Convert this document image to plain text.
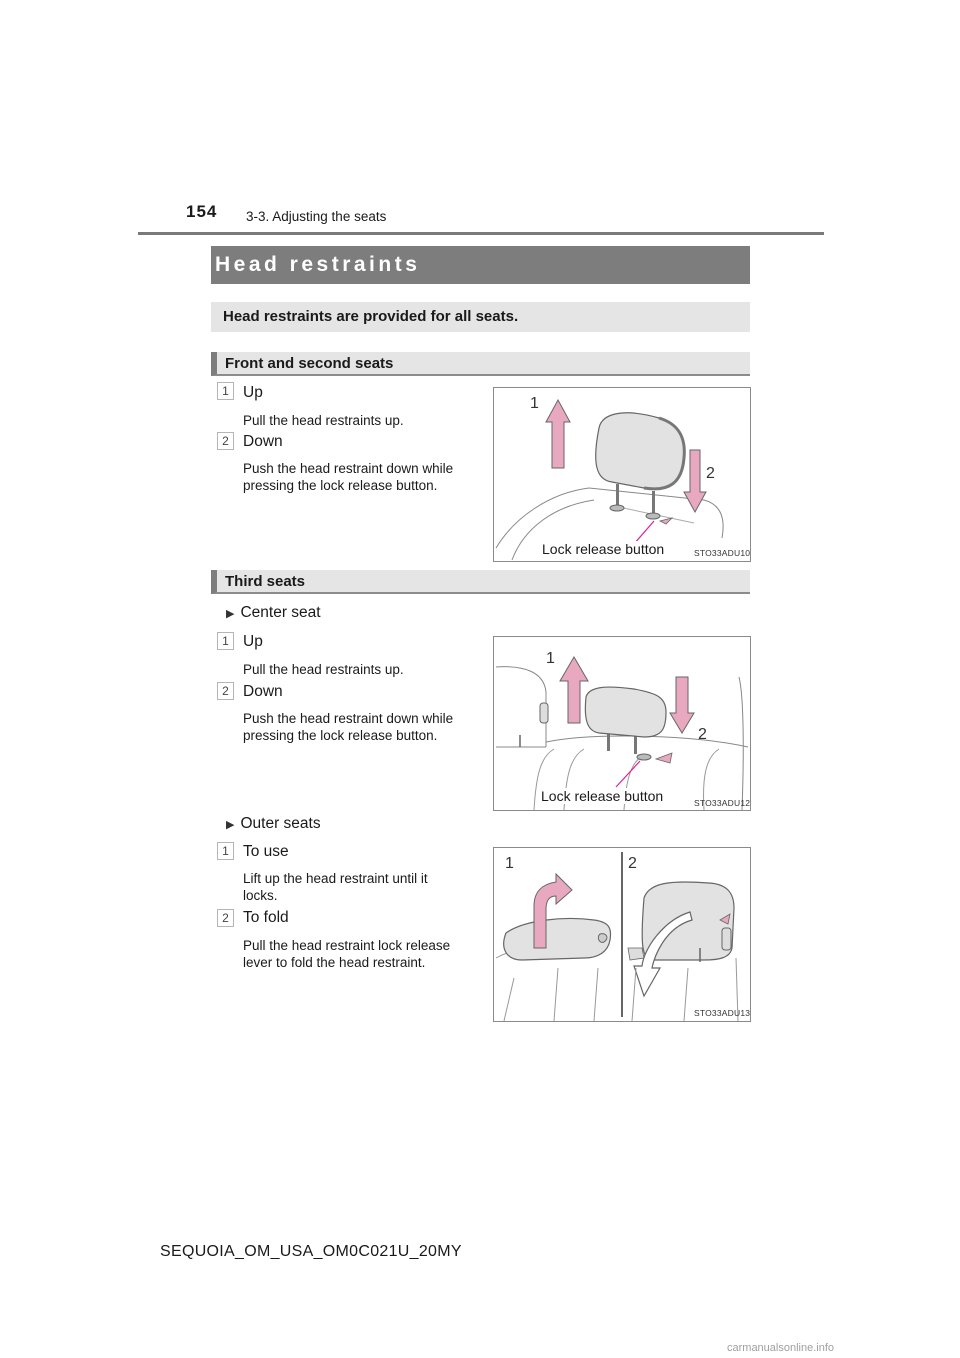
154 3-3. Adjusting the seats
Head restraints
Head restraints are provided for all seats.
Front and second seats
1 Up
Pull the head restraints up.
2 Down
Push the head restraint down while
pressing the lock release button.
Lock release button	STO33ADU10
1
2
Third seats
▶ Center seat
1 Up
Pull the head restraints up.
2 Down
Push the head restraint down while
pressing the lock release button.
Lock release button	STO33ADU12
1
2
▶ Outer seats
1 To use
Lift up the head restraint until it
locks.
2 To fold
Pull the head restraint lock release
lever to fold the head restraint.
1	2
STO33ADU13
SEQUOIA_OM_USA_OM0C021U_20MY
carmanualsonline.info
